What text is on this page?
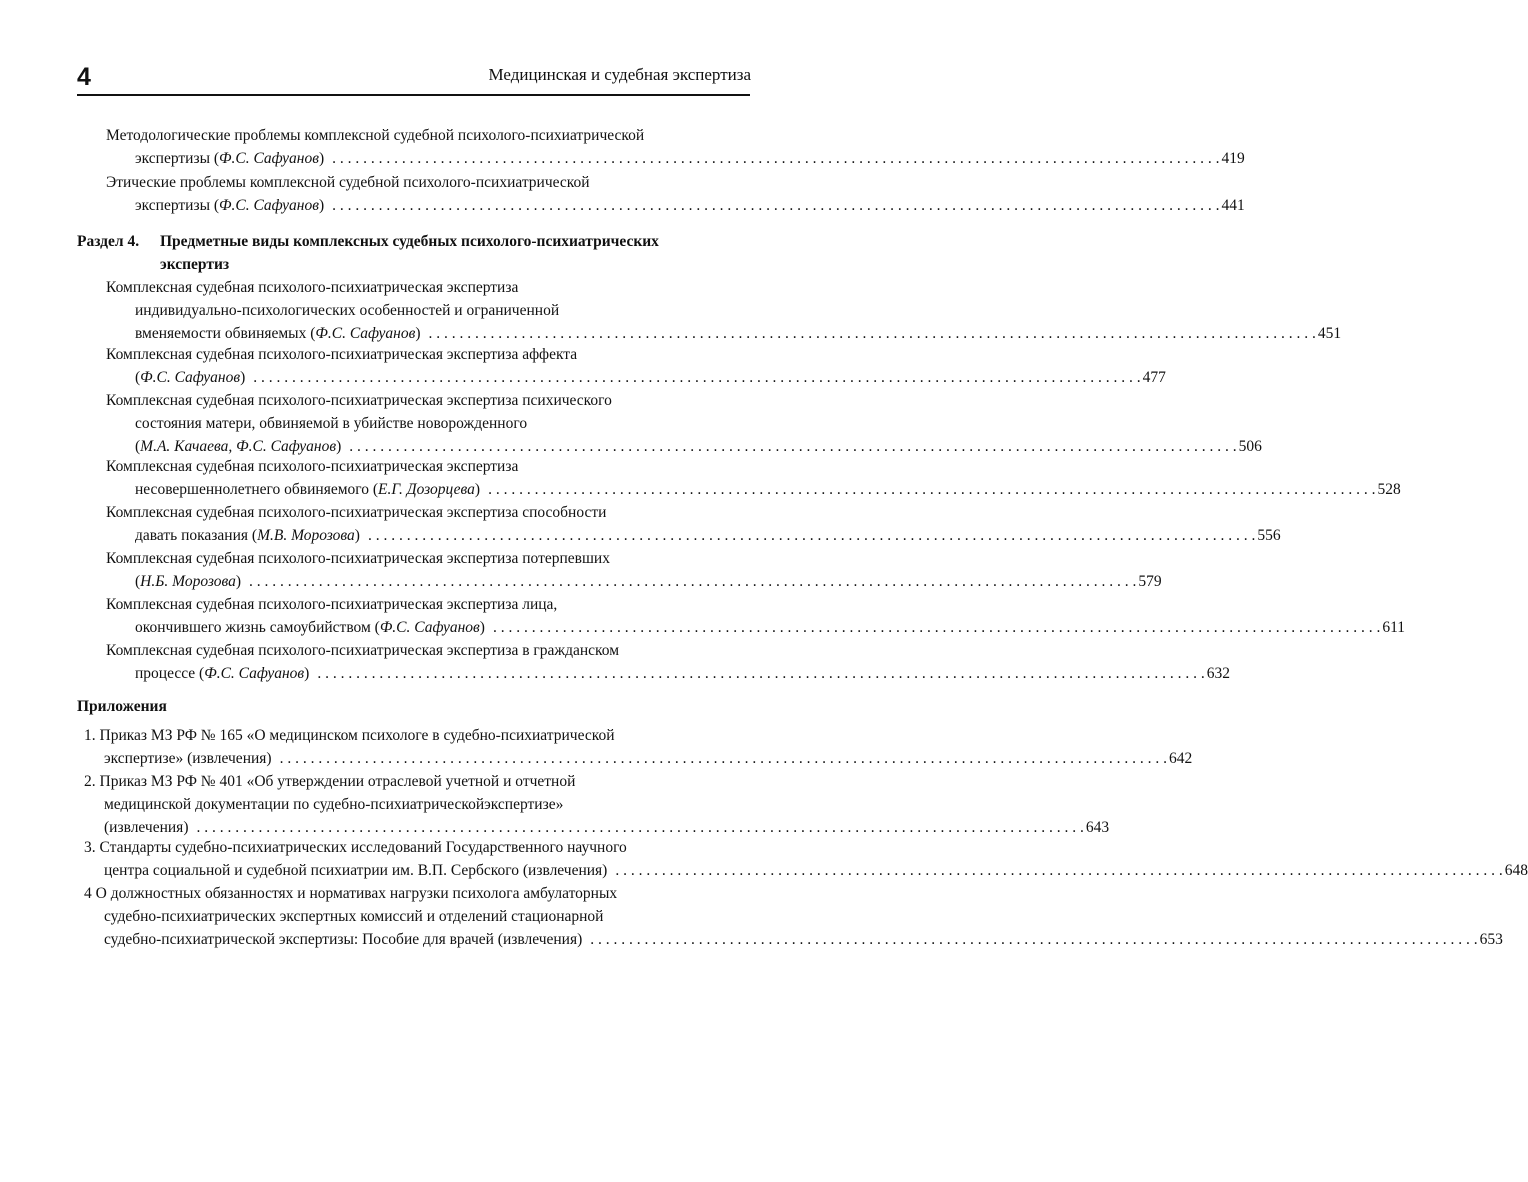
4	Медицинская и судебная экспертиза
Методологические проблемы комплексной судебной психолого-психиатрической
экспертизы (Ф.С. Сафуанов) . . . . . . . . . . . . . . . . . . . . . . . . . . . . . . . . . . . . . . . . . . . . . . . . . . . . . . . . . . . . . . . . . . . . . . . . . . . . . . . . . . . . . . . . . . . . . . . . . . . . . . . . . . . . . . . . . . . 419
Этические проблемы комплексной судебной психолого-психиатрической
экспертизы (Ф.С. Сафуанов) . . . . . . . . . . . . . . . . . . . . . . . . . . . . . . . . . . . . . . . . . . . . . . . . . . . . . . . . . . . . . . . . . . . . . . . . . . . . . . . . . . . . . . . . . . . . . . . . . . . . . . . . . . . . . . . . . . . 441
Раздел 4. Предметные виды комплексных судебных психолого-психиатрических
экспертиз
Комплексная судебная психолого-психиатрическая экспертиза
индивидуально-психологических особенностей и ограниченной
вменяемости обвиняемых (Ф.С. Сафуанов) . . . . . . . . . . . . . . . . . . . . . . . . . . . . . . . . . . . . . . . . . . . . . . . . . . . . . . . . . . . . . . . . . . . . . . . . . . . . . . . . . . . . . . . . . . . . . . . . . . . . . . . . . . . . . . . . . . . 451
Комплексная судебная психолого-психиатрическая экспертиза аффекта
(Ф.С. Сафуанов) . . . . . . . . . . . . . . . . . . . . . . . . . . . . . . . . . . . . . . . . . . . . . . . . . . . . . . . . . . . . . . . . . . . . . . . . . . . . . . . . . . . . . . . . . . . . . . . . . . . . . . . . . . . . . . . . . . . 477
Комплексная судебная психолого-психиатрическая экспертиза психического
состояния матери, обвиняемой в убийстве новорожденного
(М.А. Качаева, Ф.С. Сафуанов) . . . . . . . . . . . . . . . . . . . . . . . . . . . . . . . . . . . . . . . . . . . . . . . . . . . . . . . . . . . . . . . . . . . . . . . . . . . . . . . . . . . . . . . . . . . . . . . . . . . . . . . . . . . . . . . . . . . 506
Комплексная судебная психолого-психиатрическая экспертиза
несовершеннолетнего обвиняемого (Е.Г. Дозорцева) . . . . . . . . . . . . . . . . . . . . . . . . . . . . . . . . . . . . . . . . . . . . . . . . . . . . . . . . . . . . . . . . . . . . . . . . . . . . . . . . . . . . . . . . . . . . . . . . . . . . . . . . . . . . . . . . . . . 528
Комплексная судебная психолого-психиатрическая экспертиза способности
давать показания (М.В. Морозова) . . . . . . . . . . . . . . . . . . . . . . . . . . . . . . . . . . . . . . . . . . . . . . . . . . . . . . . . . . . . . . . . . . . . . . . . . . . . . . . . . . . . . . . . . . . . . . . . . . . . . . . . . . . . . . . . . . . 556
Комплексная судебная психолого-психиатрическая экспертиза потерпевших
(Н.Б. Морозова) . . . . . . . . . . . . . . . . . . . . . . . . . . . . . . . . . . . . . . . . . . . . . . . . . . . . . . . . . . . . . . . . . . . . . . . . . . . . . . . . . . . . . . . . . . . . . . . . . . . . . . . . . . . . . . . . . . . 579
Комплексная судебная психолого-психиатрическая экспертиза лица,
окончившего жизнь самоубийством (Ф.С. Сафуанов) . . . . . . . . . . . . . . . . . . . . . . . . . . . . . . . . . . . . . . . . . . . . . . . . . . . . . . . . . . . . . . . . . . . . . . . . . . . . . . . . . . . . . . . . . . . . . . . . . . . . . . . . . . . . . . . . . . . 611
Комплексная судебная психолого-психиатрическая экспертиза в гражданском
процессе (Ф.С. Сафуанов) . . . . . . . . . . . . . . . . . . . . . . . . . . . . . . . . . . . . . . . . . . . . . . . . . . . . . . . . . . . . . . . . . . . . . . . . . . . . . . . . . . . . . . . . . . . . . . . . . . . . . . . . . . . . . . . . . . . 632
Приложения
1. Приказ МЗ РФ № 165 «О медицинском психологе в судебно-психиатрической
экспертизе» (извлечения) . . . . . . . . . . . . . . . . . . . . . . . . . . . . . . . . . . . . . . . . . . . . . . . . . . . . . . . . . . . . . . . . . . . . . . . . . . . . . . . . . . . . . . . . . . . . . . . . . . . . . . . . . . . . . . . . . . . 642
2. Приказ МЗ РФ № 401 «Об утверждении отраслевой учетной и отчетной
медицинской документации по судебно-психиатрическойэкспертизе»
(извлечения) . . . . . . . . . . . . . . . . . . . . . . . . . . . . . . . . . . . . . . . . . . . . . . . . . . . . . . . . . . . . . . . . . . . . . . . . . . . . . . . . . . . . . . . . . . . . . . . . . . . . . . . . . . . . . . . . . . . 643
3. Стандарты судебно-психиатрических исследований Государственного научного
центра социальной и судебной психиатрии им. В.П. Сербского (извлечения) . . . . . . . . . . . . . . . . . . . . . . . . . . . . . . . . . . . . . . . . . . . . . . . . . . . . . . . . . . . . . . . . . . . . . . . . . . . . . . . . . . . . . . . . . . . . . . . . . . . . . . . . . . . . . . . . . . . 648
4 О должностных обязанностях и нормативах нагрузки психолога амбулаторных
судебно-психиатрических экспертных комиссий и отделений стационарной
судебно-психиатрической экспертизы: Пособие для врачей (извлечения) . . . . . . . . . . . . . . . . . . . . . . . . . . . . . . . . . . . . . . . . . . . . . . . . . . . . . . . . . . . . . . . . . . . . . . . . . . . . . . . . . . . . . . . . . . . . . . . . . . . . . . . . . . . . . . . . . . . 653
